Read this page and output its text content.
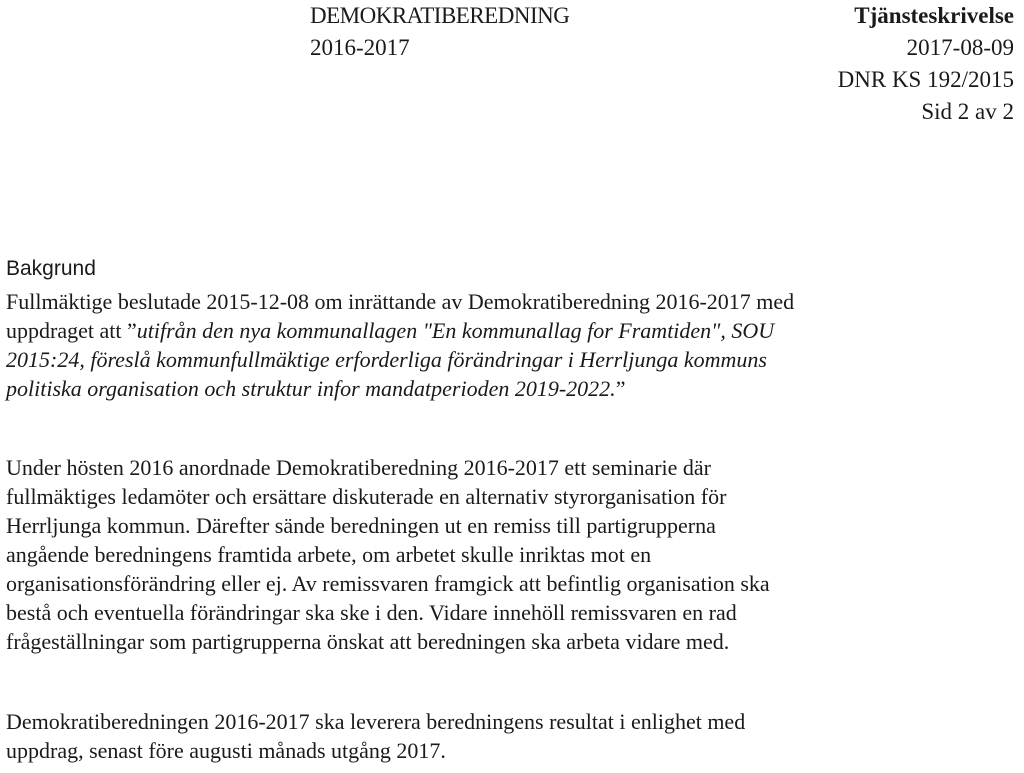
DEMOKRATIBEREDNING
2016-2017
Tjänsteskrivelse
2017-08-09
DNR KS 192/2015
Sid 2 av 2
Bakgrund
Fullmäktige beslutade 2015-12-08 om inrättande av Demokratiberedning 2016-2017 med
uppdraget att ”utifrån den nya kommunallagen "En kommunallag for Framtiden", SOU
2015:24, föreslå kommunfullmäktige erforderliga förändringar i Herrljunga kommuns
politiska organisation och struktur infor mandatperioden 2019-2022.”
Under hösten 2016 anordnade Demokratiberedning 2016-2017 ett seminarie där
fullmäktiges ledamöter och ersättare diskuterade en alternativ styrorganisation för
Herrljunga kommun. Därefter sände beredningen ut en remiss till partigrupperna
angående beredningens framtida arbete, om arbetet skulle inriktas mot en
organisationsförändring eller ej. Av remissvaren framgick att befintlig organisation ska
bestå och eventuella förändringar ska ske i den. Vidare innehöll remissvaren en rad
frågeställningar som partigrupperna önskat att beredningen ska arbeta vidare med.
Demokratiberedningen 2016-2017 ska leverera beredningens resultat i enlighet med
uppdrag, senast före augusti månads utgång 2017.
